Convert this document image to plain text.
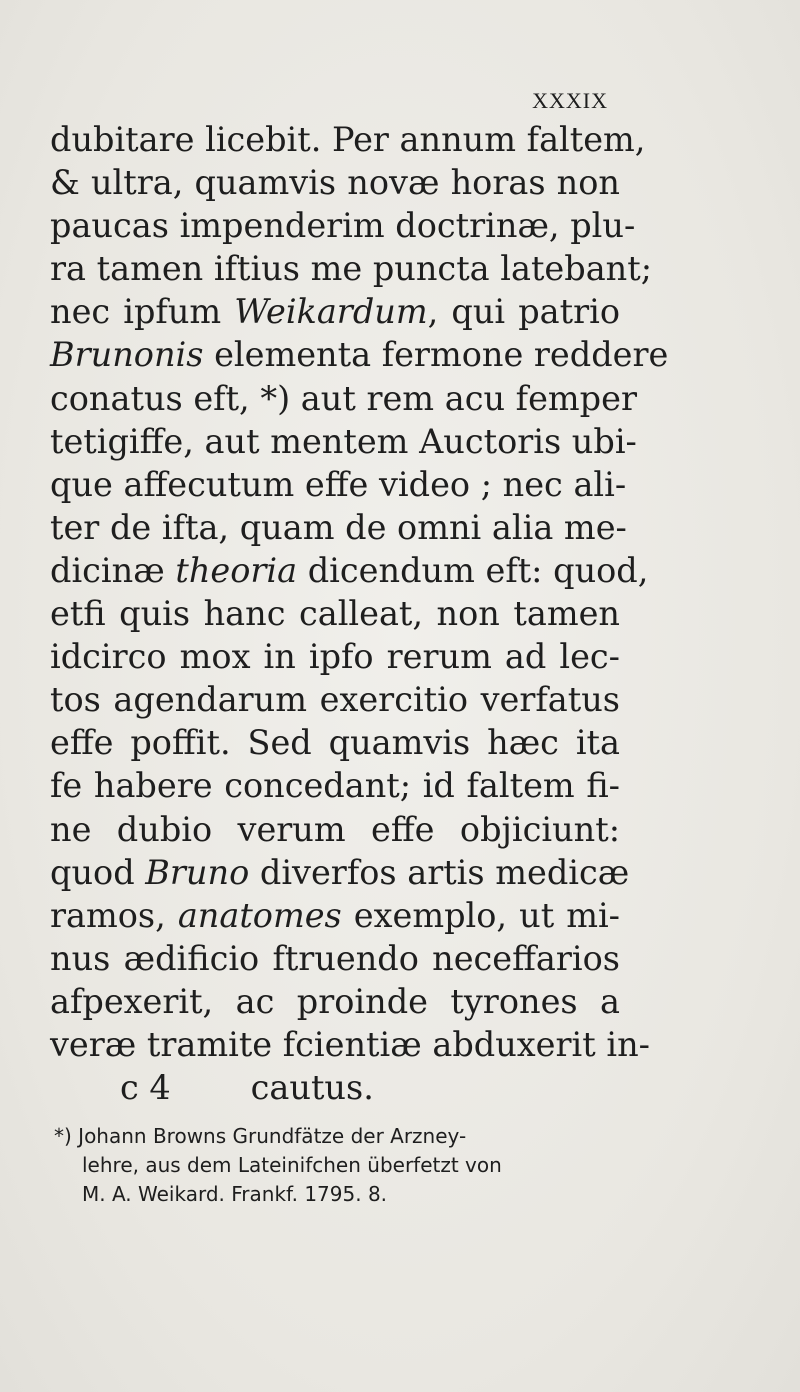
XXXIX
dubitare licebit. Per annum faltem,
& ultra, quamvis novæ horas non
paucas impenderim doctrinæ, plu-
ra tamen iftius me puncta latebant;
nec ipfum Weikardum, qui patrio
Brunonis elementa fermone reddere
conatus eft, *) aut rem acu femper
tetigiffe, aut mentem Auctoris ubi-
que affecutum effe video ; nec ali-
ter de ifta, quam de omni alia me-
dicinæ theoria dicendum eft: quod,
etfi quis hanc calleat, non tamen
idcirco mox in ipfo rerum ad lec-
tos agendarum exercitio verfatus
effe poffit. Sed quamvis hæc ita
fe habere concedant; id faltem fi-
ne dubio verum effe objiciunt:
quod Bruno diverfos artis medicæ
ramos, anatomes exemplo, ut mi-
nus ædificio ftruendo neceffarios
afpexerit, ac proinde tyrones a
veræ tramite fcientiæ abduxerit in-
c 4 cautus.
*) Johann Browns Grundfätze der Arzney-
lehre, aus dem Lateinifchen überfetzt von
M. A. Weikard. Frankf. 1795. 8.
